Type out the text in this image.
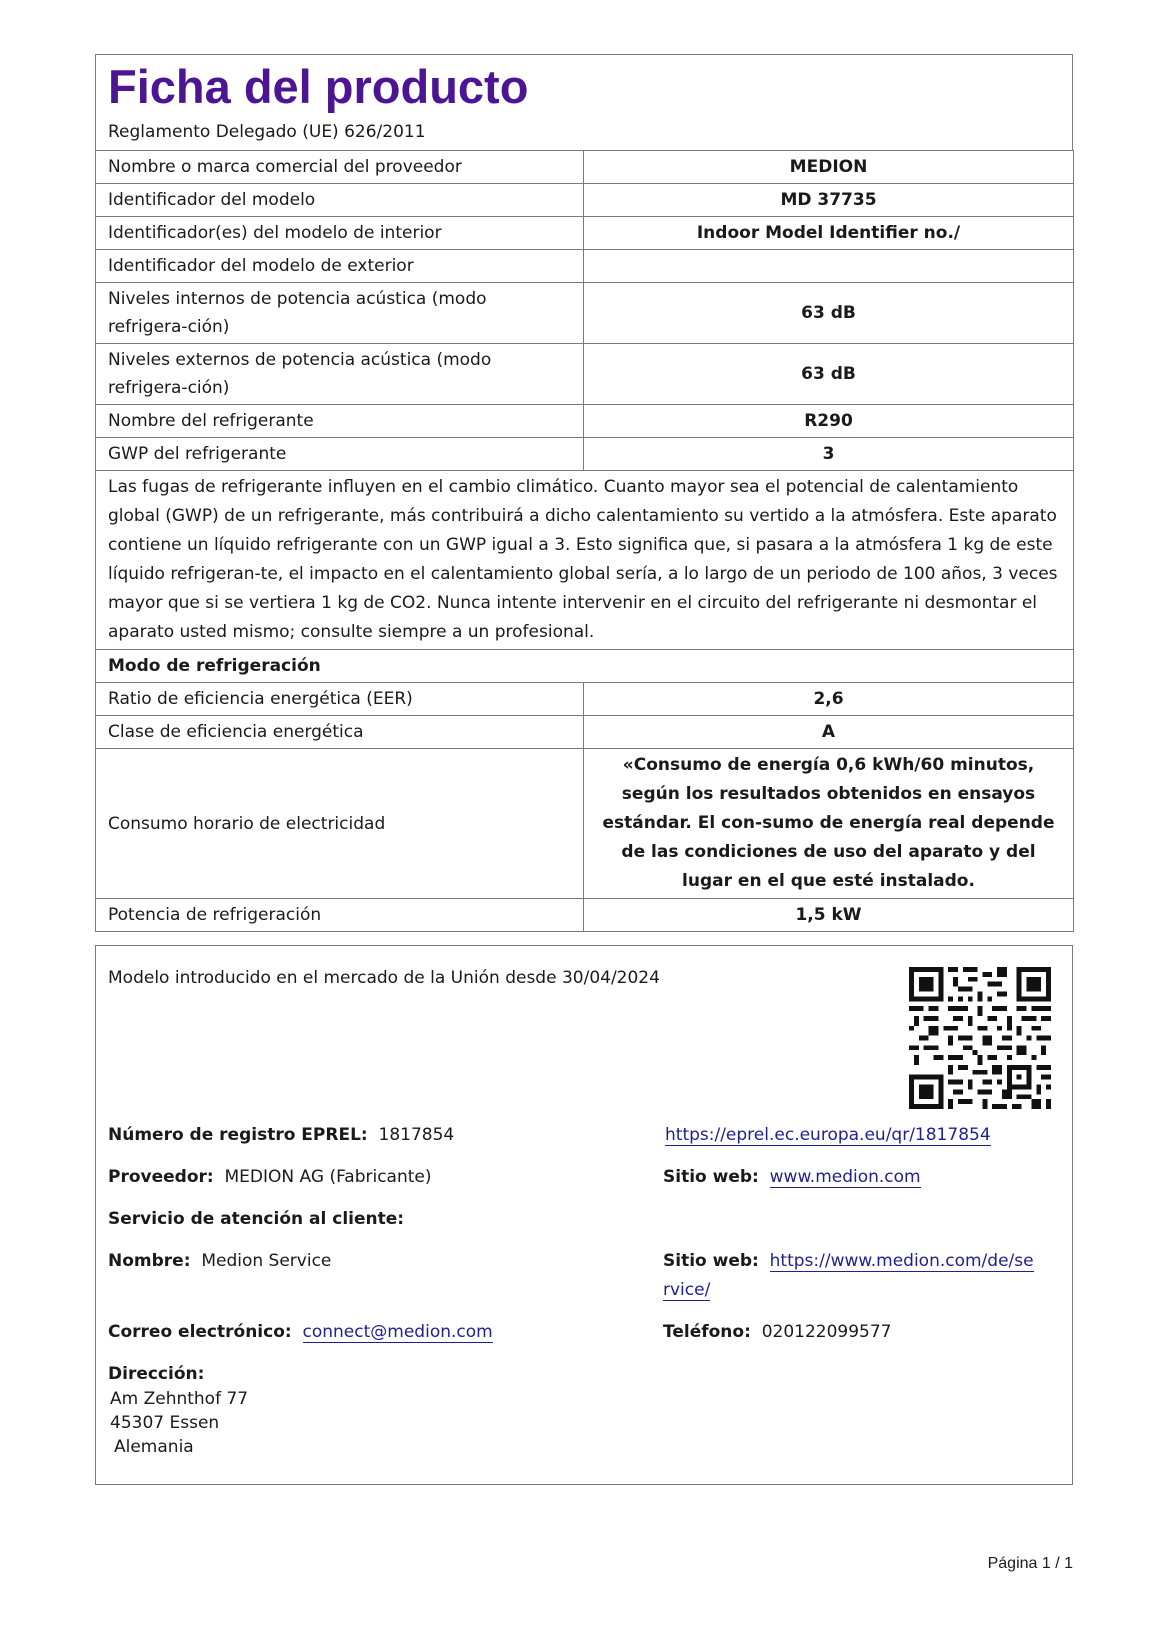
Ficha del producto
Reglamento Delegado (UE) 626/2011
Nombre o marca comercial del proveedor	MEDION
Identificador del modelo	MD 37735
Identificador(es) del modelo de interior	Indoor Model Identifier no./
Identificador del modelo de exterior	
Niveles internos de potencia acústica (modo refrigera-ción)	63 dB
Niveles externos de potencia acústica (modo refrigera-ción)	63 dB
Nombre del refrigerante	R290
GWP del refrigerante	3
Las fugas de refrigerante influyen en el cambio climático. Cuanto mayor sea el potencial de calentamiento global (GWP) de un refrigerante, más contribuirá a dicho calentamiento su vertido a la atmósfera. Este aparato contiene un líquido refrigerante con un GWP igual a 3. Esto significa que, si pasara a la atmósfera 1 kg de este líquido refrigeran-te, el impacto en el calentamiento global sería, a lo largo de un periodo de 100 años, 3 veces mayor que si se vertiera 1 kg de CO2. Nunca intente intervenir en el circuito del refrigerante ni desmontar el aparato usted mismo; consulte siempre a un profesional.	
Modo de refrigeración	
Ratio de eficiencia energética (EER)	2,6
Clase de eficiencia energética	A
Consumo horario de electricidad	«Consumo de energía 0,6 kWh/60 minutos, según los resultados obtenidos en ensayos estándar. El con-sumo de energía real depende de las condiciones de uso del aparato y del lugar en el que esté instalado.
Potencia de refrigeración	1,5 kW
Modelo introducido en el mercado de la Unión desde 30/04/2024
Número de registro EPREL: 1817854	https://eprel.ec.europa.eu/qr/1817854
Proveedor: MEDION AG (Fabricante)	Sitio web: www.medion.com
Servicio de atención al cliente:
Nombre: Medion Service	Sitio web: https://www.medion.com/de/se
rvice/
Correo electrónico: connect@medion.com	Teléfono: 020122099577
Dirección:
Am Zehnthof 77
45307 Essen
Alemania
Página 1 / 1
